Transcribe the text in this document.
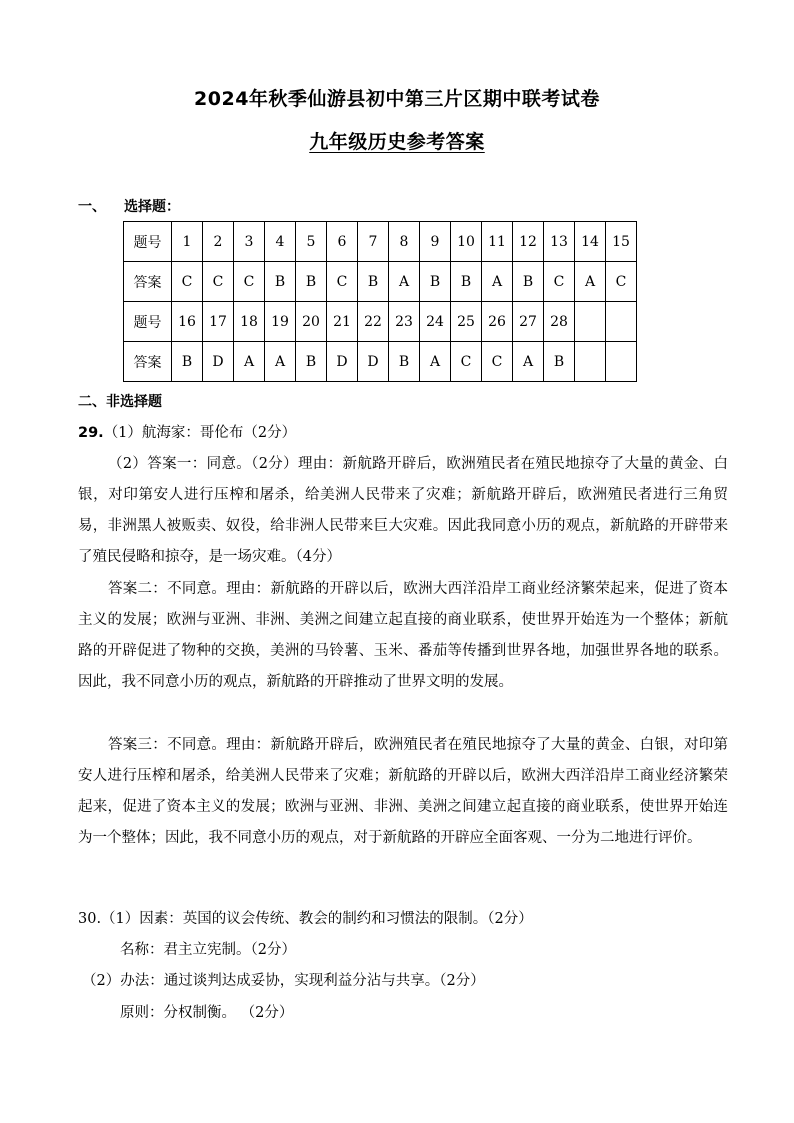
2024年秋季仙游县初中第三片区期中联考试卷
九年级历史参考答案
一、 选择题：
题号	1	2	3	4	5	6	7	8	9	10	11	12	13	14	15
答案	C	C	C	B	B	C	B	A	B	B	A	B	C	A	C
题号	16	17	18	19	20	21	22	23	24	25	26	27	28		
答案	B	D	A	A	B	D	D	B	A	C	C	A	B		
二、非选择题
29.（1）航海家：哥伦布（2分）
（2）答案一：同意。（2分）理由：新航路开辟后，欧洲殖民者在殖民地掠夺了大量的黄金、白银，对印第安人进行压榨和屠杀，给美洲人民带来了灾难；新航路开辟后，欧洲殖民者进行三角贸易，非洲黑人被贩卖、奴役，给非洲人民带来巨大灾难。因此我同意小历的观点，新航路的开辟带来了殖民侵略和掠夺，是一场灾难。（4分）
答案二：不同意。理由：新航路的开辟以后，欧洲大西洋沿岸工商业经济繁荣起来，促进了资本主义的发展；欧洲与亚洲、非洲、美洲之间建立起直接的商业联系，使世界开始连为一个整体；新航路的开辟促进了物种的交换，美洲的马铃薯、玉米、番茄等传播到世界各地，加强世界各地的联系。因此，我不同意小历的观点，新航路的开辟推动了世界文明的发展。
答案三：不同意。理由：新航路开辟后，欧洲殖民者在殖民地掠夺了大量的黄金、白银，对印第安人进行压榨和屠杀，给美洲人民带来了灾难；新航路的开辟以后，欧洲大西洋沿岸工商业经济繁荣起来，促进了资本主义的发展；欧洲与亚洲、非洲、美洲之间建立起直接的商业联系，使世界开始连为一个整体；因此，我不同意小历的观点，对于新航路的开辟应全面客观、一分为二地进行评价。
30.（1）因素：英国的议会传统、教会的制约和习惯法的限制。（2分）
名称：君主立宪制。（2分）
（2）办法：通过谈判达成妥协，实现利益分沾与共享。（2分）
原则：分权制衡。 （2分）
